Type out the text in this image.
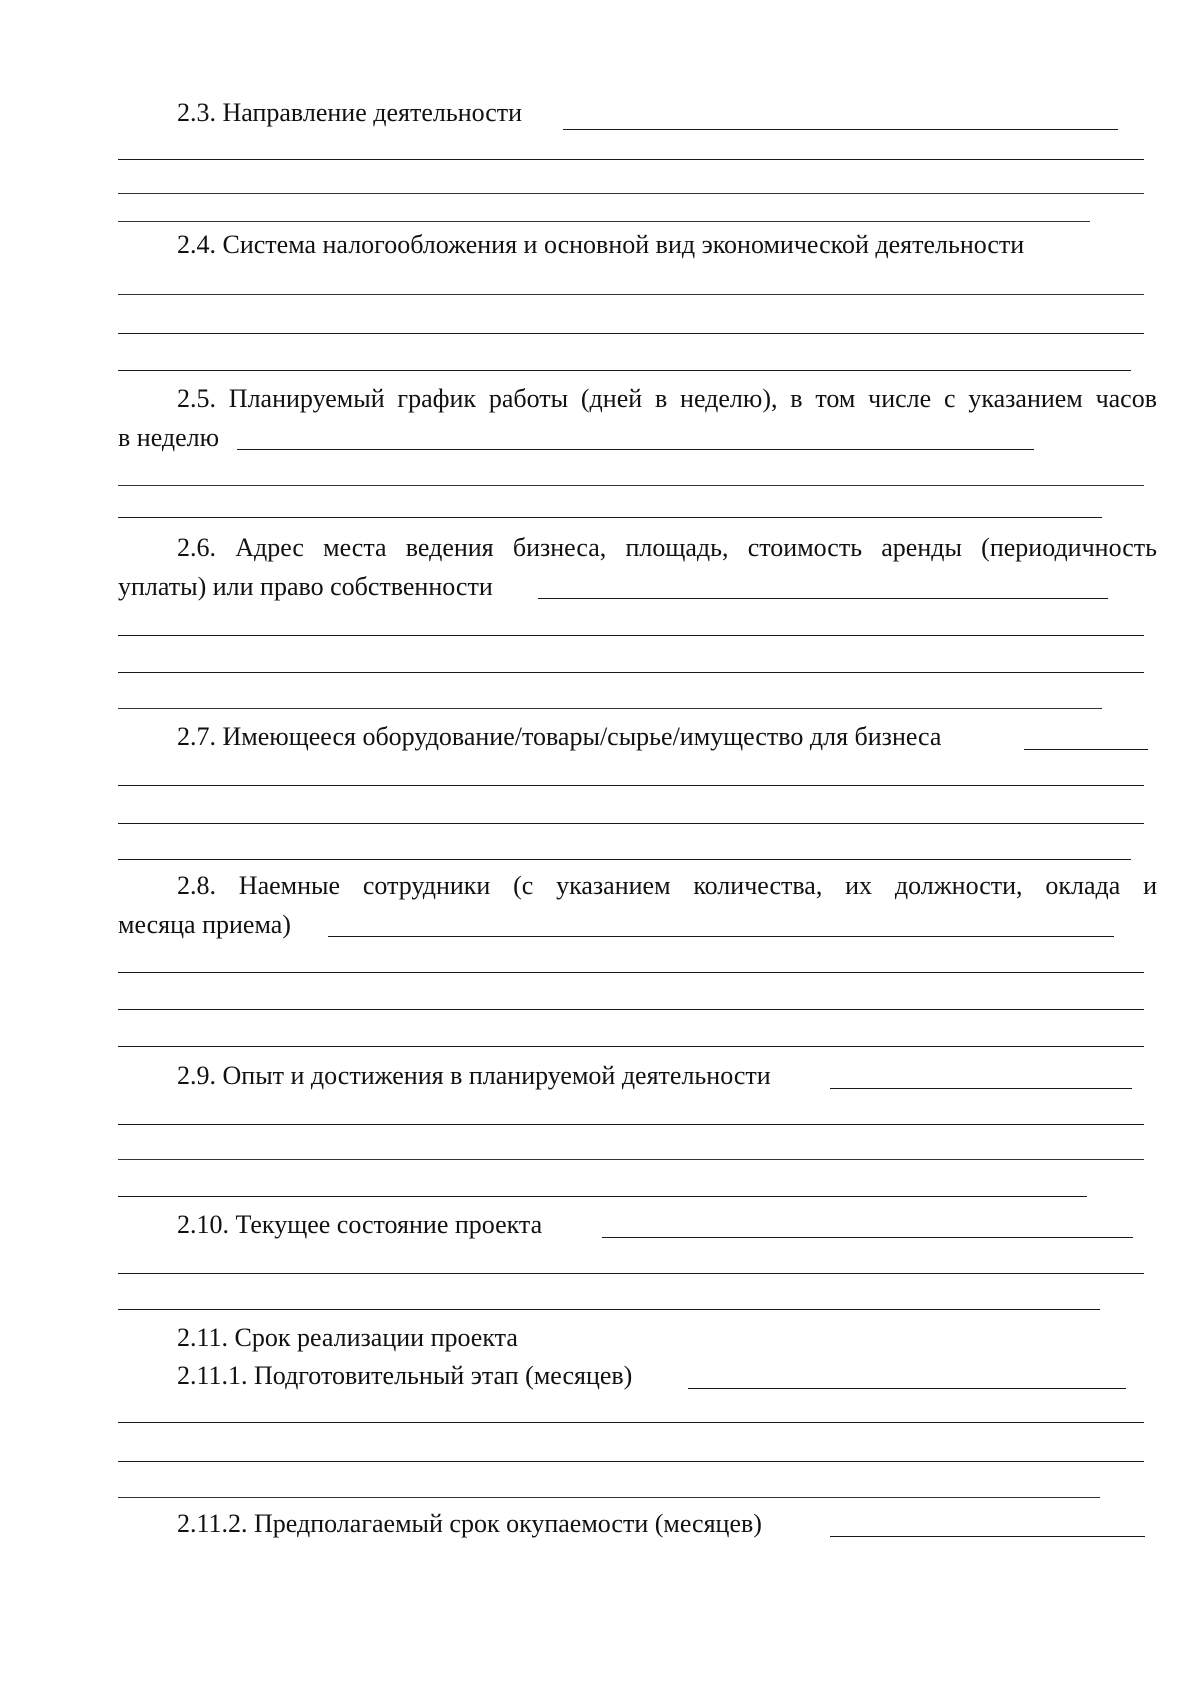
2.3. Направление деятельности
2.4. Система налогообложения и основной вид экономической деятельности
2.5. Планируемый график работы (дней в неделю), в том числе с указанием часов
в неделю
2.6. Адрес места ведения бизнеса, площадь, стоимость аренды (периодичность
уплаты) или право собственности
2.7. Имеющееся оборудование/товары/сырье/имущество для бизнеса
2.8. Наемные сотрудники (с указанием количества, их должности, оклада и
месяца приема)
2.9. Опыт и достижения в планируемой деятельности
2.10. Текущее состояние проекта
2.11. Срок реализации проекта
2.11.1. Подготовительный этап (месяцев)
2.11.2. Предполагаемый срок окупаемости (месяцев)
